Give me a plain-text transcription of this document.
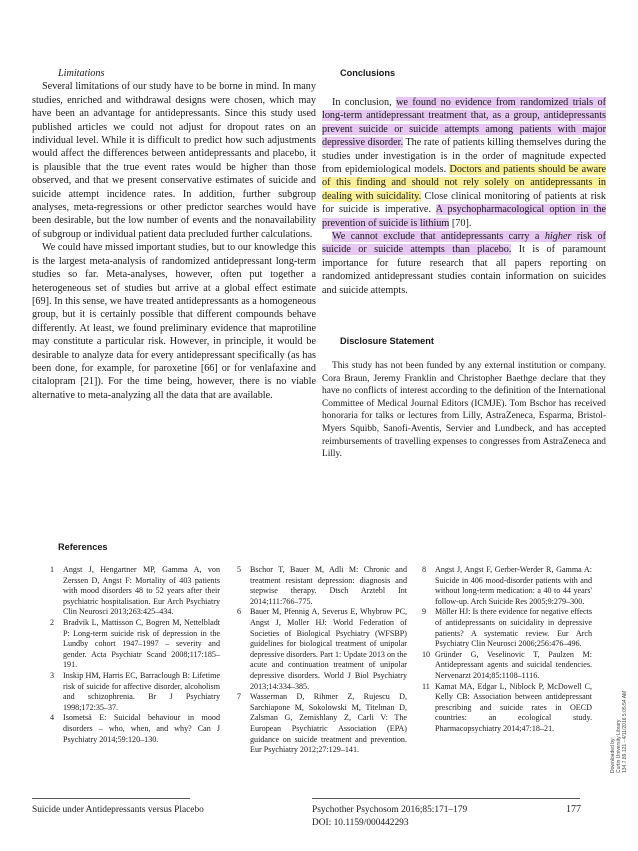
Limitations

Several limitations of our study have to be borne in mind. In many studies, enriched and withdrawal designs were chosen, which may have been an advantage for antidepressants. Since this study used published articles we could not adjust for dropout rates on an individual level. While it is difficult to predict how such adjustments would affect the differences between antidepressants and placebo, it is plausible that the true event rates would be higher than those observed, and that we present conservative estimates of suicide and suicide attempt incidence rates. In addition, further subgroup analyses, meta-regressions or other predictor searches would have been desirable, but the low number of events and the nonavailability of subgroup or individual patient data precluded further calculations.

We could have missed important studies, but to our knowledge this is the largest meta-analysis of randomized antidepressant long-term studies so far. Meta-analyses, however, often put together a heterogeneous set of studies but arrive at a global effect estimate [69]. In this sense, we have treated antidepressants as a homogeneous group, but it is certainly possible that different compounds behave differently. At least, we found preliminary evidence that maprotiline may constitute a particular risk. However, in principle, it would be desirable to analyze data for every antidepressant specifically (as has been done, for example, for paroxetine [66] or for venlafaxine and citalopram [21]). For the time being, however, there is no viable alternative to meta-analyzing all the data that are available.

Conclusions

In conclusion, we found no evidence from randomized trials of long-term antidepressant treatment that, as a group, antidepressants prevent suicide or suicide attempts among patients with major depressive disorder. The rate of patients killing themselves during the studies under investigation is in the order of magnitude expected from epidemiological models. Doctors and patients should be aware of this finding and should not rely solely on antidepressants in dealing with suicidality. Close clinical monitoring of patients at risk for suicide is imperative. A psychopharmacological option in the prevention of suicide is lithium [70].

We cannot exclude that antidepressants carry a higher risk of suicide or suicide attempts than placebo. It is of paramount importance for future research that all papers reporting on randomized antidepressant studies contain information on suicides and suicide attempts.

Disclosure Statement

This study has not been funded by any external institution or company. Cora Braun, Jeremy Franklin and Christopher Baethge declare that they have no conflicts of interest according to the definition of the International Committee of Medical Journal Editors (ICMJE). Tom Bschor has received honoraria for talks or lectures from Lilly, AstraZeneca, Esparma, Bristol-Myers Squibb, Sanofi-Aventis, Servier and Lundbeck, and has accepted reimbursements of travelling expenses to congresses from AstraZeneca and Lilly.

References
1	Angst J, Hengartner MP, Gamma A, von Zerssen D, Angst F: Mortality of 403 patients with mood disorders 48 to 52 years after their psychiatric hospitalisation. Eur Arch Psychiatry Clin Neurosci 2013;263:425–434.
2	Bradvik L, Mattisson C, Bogren M, Nettelbladt P: Long-term suicide risk of depression in the Lundby cohort 1947–1997 – severity and gender. Acta Psychiatr Scand 2008;117:185–191.
3	Inskip HM, Harris EC, Barraclough B: Lifetime risk of suicide for affective disorder, alcoholism and schizophrenia. Br J Psychiatry 1998;172:35–37.
4	Isometsä E: Suicidal behaviour in mood disorders – who, when, and why? Can J Psychiatry 2014;59:120–130.
5	Bschor T, Bauer M, Adli M: Chronic and treatment resistant depression: diagnosis and stepwise therapy. Dtsch Arztebl Int 2014;111:766–775.
6	Bauer M, Pfennig A, Severus E, Whybrow PC, Angst J, Moller HJ: World Federation of Societies of Biological Psychiatry (WFSBP) guidelines for biological treatment of unipolar depressive disorders. Part 1: Update 2013 on the acute and continuation treatment of unipolar depressive disorders. World J Biol Psychiatry 2013;14:334–385.
7	Wasserman D, Rihmer Z, Rujescu D, Sarchiapone M, Sokolowski M, Titelman D, Zalsman G, Zemishlany Z, Carli V: The European Psychiatric Association (EPA) guidance on suicide treatment and prevention. Eur Psychiatry 2012;27:129–141.
8	Angst J, Angst F, Gerber-Werder R, Gamma A: Suicide in 406 mood-disorder patients with and without long-term medication: a 40 to 44 years' follow-up. Arch Suicide Res 2005;9:279–300.
9	Möller HJ: Is there evidence for negative effects of antidepressants on suicidality in depressive patients? A systematic review. Eur Arch Psychiatry Clin Neurosci 2006;256:476–496.
10 Gründer G, Veselinovic T, Paulzen M: Antidepressant agents and suicidal tendencies. Nervenarzt 2014;85:1108–1116.
11 Kamat MA, Edgar L, Niblock P, McDowell C, Kelly CB: Association between antidepressant prescribing and suicide rates in OECD countries: an ecological study. Pharmacopsychiatry 2014;47:18–21.
Suicide under Antidepressants versus Placebo	Psychother Psychosom 2016;85:171–179
DOI: 10.1159/000442293
177
Downloaded by: Curtin University Library 134.7.89.121 - 4/11/2016 5:05:54 AM
